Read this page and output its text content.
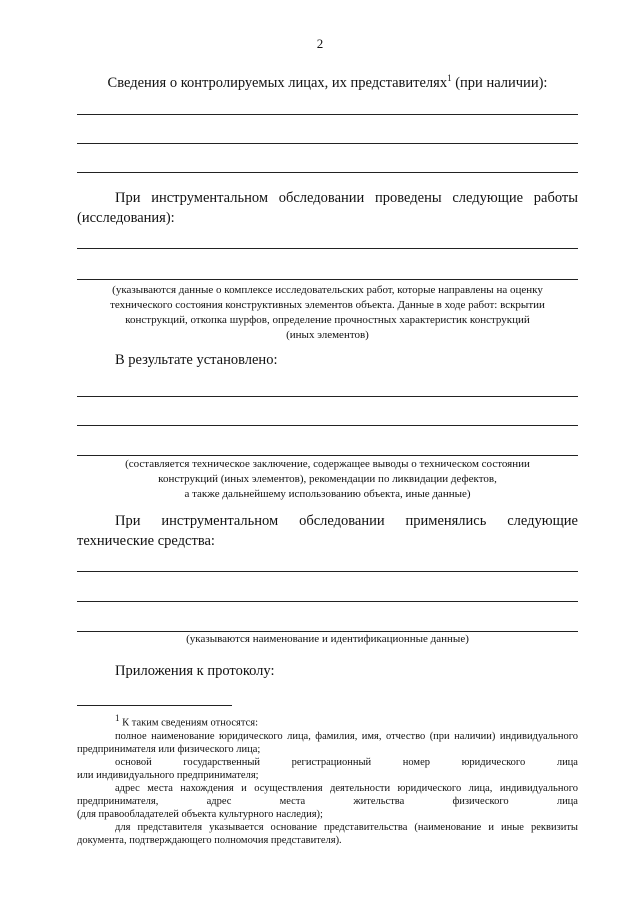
2
Сведения о контролируемых лицах, их представителях$^1$ (при наличии):
При инструментальном обследовании проведены следующие работы (исследования):
(указываются данные о комплексе исследовательских работ, которые направлены на оценку
технического состояния конструктивных элементов объекта. Данные в ходе работ: вскрытии
конструкций, откопка шурфов, определение прочностных характеристик конструкций
(иных элементов)
В результате установлено:
(составляется техническое заключение, содержащее выводы о техническом состоянии
конструкций (иных элементов), рекомендации по ликвидации дефектов,
а также дальнейшему использованию объекта, иные данные)
При инструментальном обследовании применялись следующие технические средства:
(указываются наименование и идентификационные данные)
Приложения к протоколу:
$^1$ К таким сведениям относятся:
полное наименование юридического лица, фамилия, имя, отчество (при наличии) индивидуального
предпринимателя или физического лица;
основой	государственный	регистрационный	номер	юридического	лица
или индивидуального предпринимателя;
адрес места нахождения и осуществления деятельности юридического лица, индивидуального
предпринимателя,	адрес	места	жительства	физического	лица
(для правообладателей объекта культурного наследия);
для представителя указывается основание представительства (наименование и иные реквизиты
документа, подтверждающего полномочия представителя).
